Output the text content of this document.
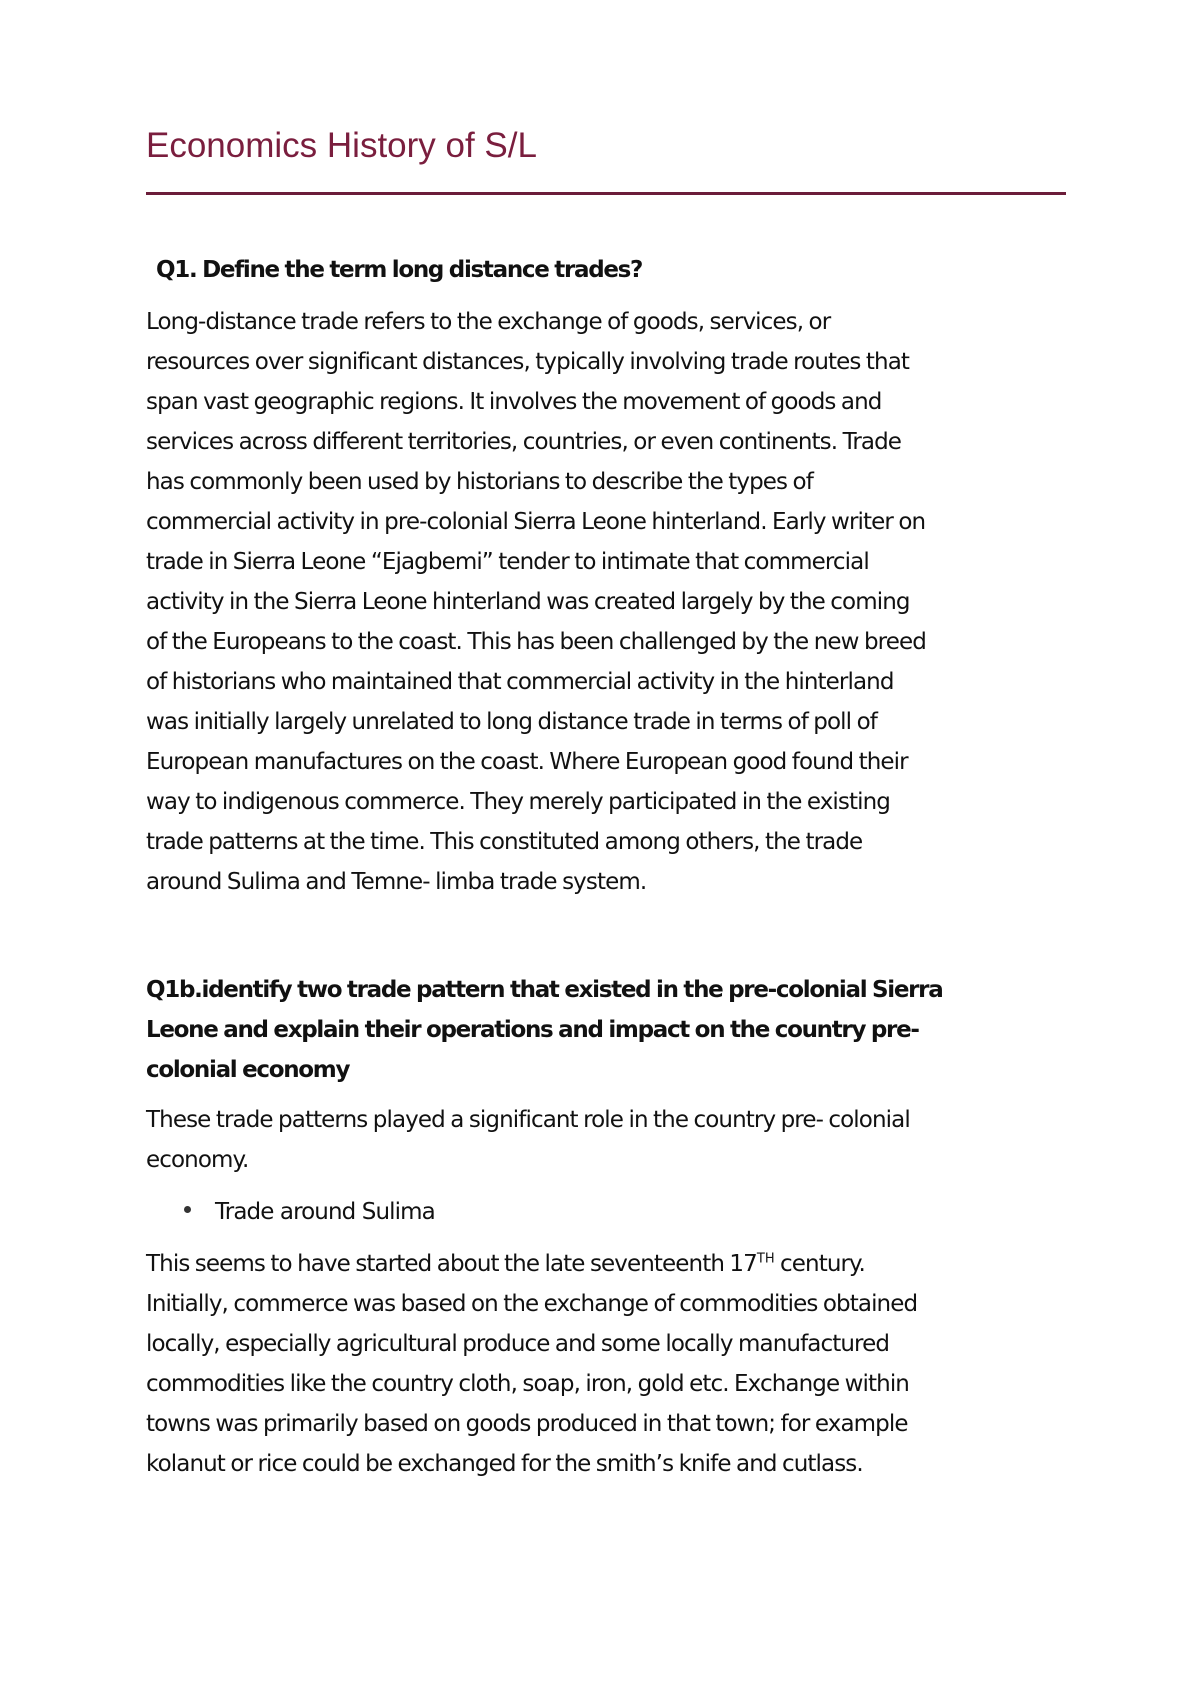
Economics History of S/L
Q1. Define the term long distance trades?
Long-distance trade refers to the exchange of goods, services, or
resources over significant distances, typically involving trade routes that
span vast geographic regions. It involves the movement of goods and
services across different territories, countries, or even continents. Trade
has commonly been used by historians to describe the types of
commercial activity in pre-colonial Sierra Leone hinterland. Early writer on
trade in Sierra Leone “Ejagbemi” tender to intimate that commercial
activity in the Sierra Leone hinterland was created largely by the coming
of the Europeans to the coast. This has been challenged by the new breed
of historians who maintained that commercial activity in the hinterland
was initially largely unrelated to long distance trade in terms of poll of
European manufactures on the coast. Where European good found their
way to indigenous commerce. They merely participated in the existing
trade patterns at the time. This constituted among others, the trade
around Sulima and Temne- limba trade system.
Q1b.identify two trade pattern that existed in the pre-colonial Sierra
Leone and explain their operations and impact on the country pre-
colonial economy
These trade patterns played a significant role in the country pre- colonial
economy.
Trade around Sulima
This seems to have started about the late seventeenth 17TH century.
Initially, commerce was based on the exchange of commodities obtained
locally, especially agricultural produce and some locally manufactured
commodities like the country cloth, soap, iron, gold etc. Exchange within
towns was primarily based on goods produced in that town; for example
kolanut or rice could be exchanged for the smith’s knife and cutlass.
